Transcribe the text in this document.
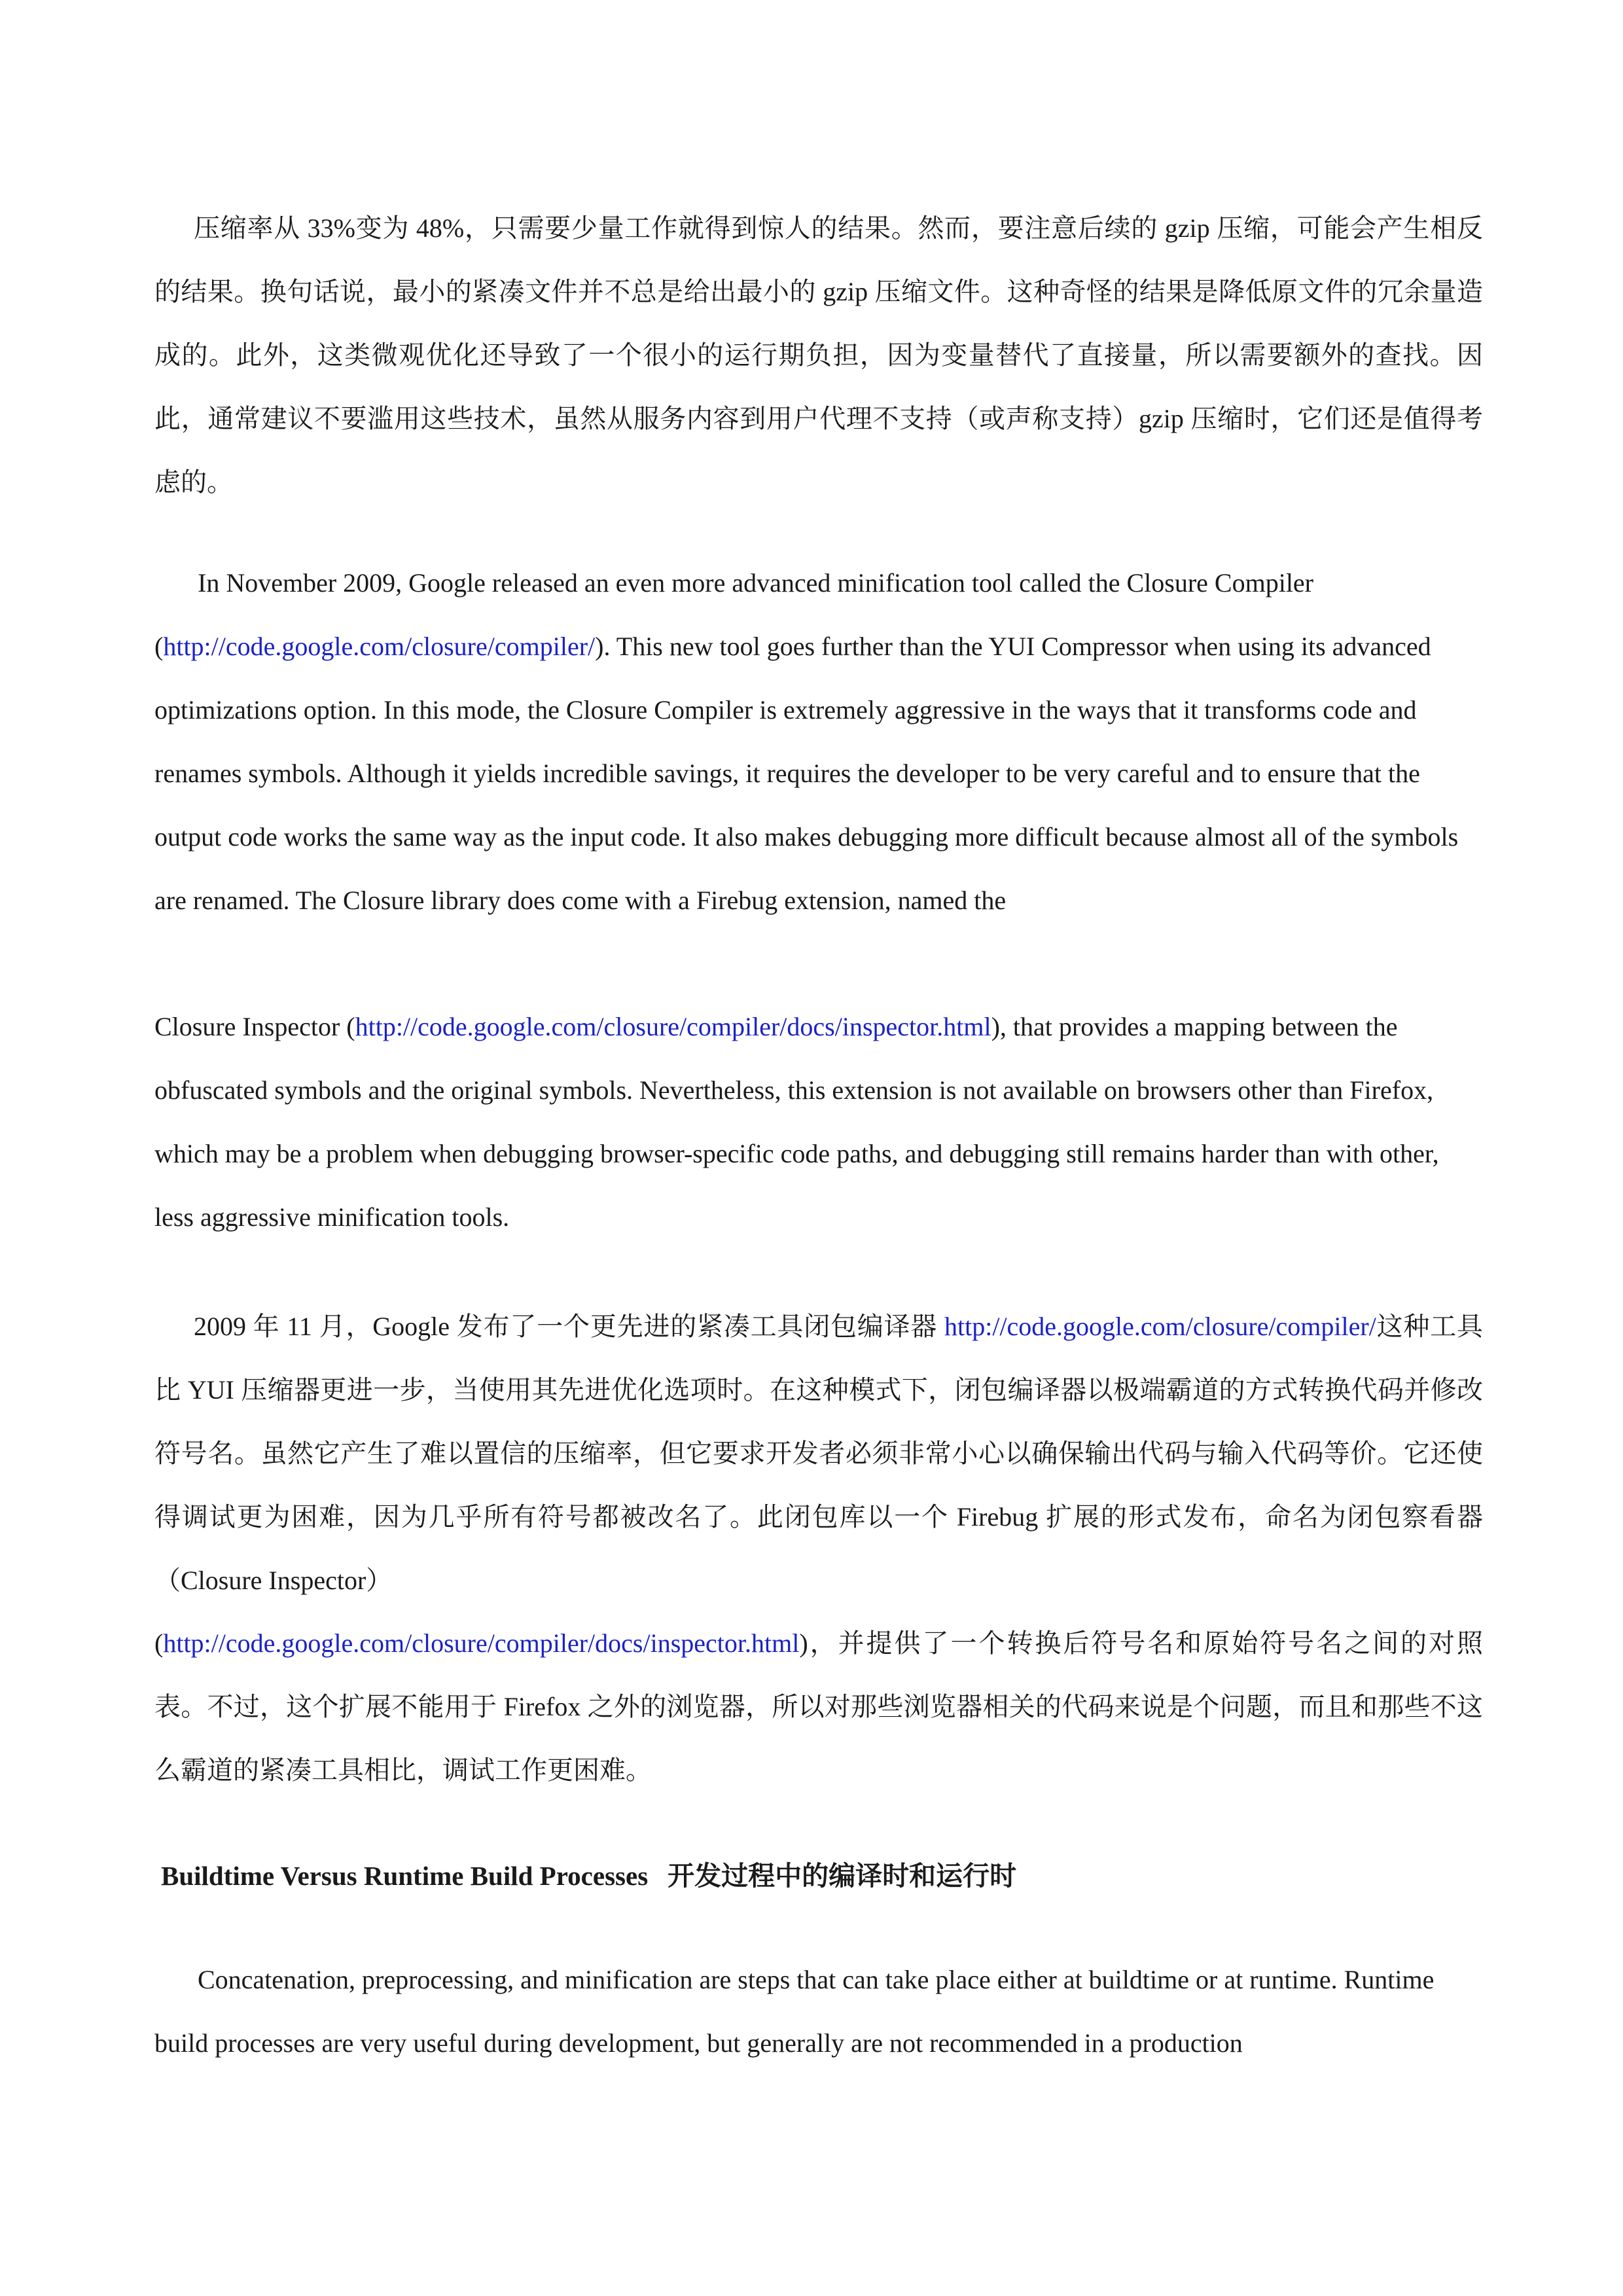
压缩率从 33%变为 48%，只需要少量工作就得到惊人的结果。然而，要注意后续的 gzip 压缩，可能会产生相反的结果。换句话说，最小的紧凑文件并不总是给出最小的 gzip 压缩文件。这种奇怪的结果是降低原文件的冗余量造成的。此外，这类微观优化还导致了一个很小的运行期负担，因为变量替代了直接量，所以需要额外的查找。因此，通常建议不要滥用这些技术，虽然从服务内容到用户代理不支持（或声称支持）gzip 压缩时，它们还是值得考虑的。

In November 2009, Google released an even more advanced minification tool called the Closure Compiler (http://code.google.com/closure/compiler/). This new tool goes further than the YUI Compressor when using its advanced optimizations option. In this mode, the Closure Compiler is extremely aggressive in the ways that it transforms code and renames symbols. Although it yields incredible savings, it requires the developer to be very careful and to ensure that the output code works the same way as the input code. It also makes debugging more difficult because almost all of the symbols are renamed. The Closure library does come with a Firebug extension, named the

Closure Inspector (http://code.google.com/closure/compiler/docs/inspector.html), that provides a mapping between the obfuscated symbols and the original symbols. Nevertheless, this extension is not available on browsers other than Firefox, which may be a problem when debugging browser-specific code paths, and debugging still remains harder than with other, less aggressive minification tools.

2009 年 11 月，Google 发布了一个更先进的紧凑工具闭包编译器 http://code.google.com/closure/compiler/这种工具比 YUI 压缩器更进一步，当使用其先进优化选项时。在这种模式下，闭包编译器以极端霸道的方式转换代码并修改符号名。虽然它产生了难以置信的压缩率，但它要求开发者必须非常小心以确保输出代码与输入代码等价。它还使得调试更为困难，因为几乎所有符号都被改名了。此闭包库以一个 Firebug 扩展的形式发布，命名为闭包察看器（Closure Inspector）

(http://code.google.com/closure/compiler/docs/inspector.html)，并提供了一个转换后符号名和原始符号名之间的对照表。不过，这个扩展不能用于 Firefox 之外的浏览器，所以对那些浏览器相关的代码来说是个问题，而且和那些不这么霸道的紧凑工具相比，调试工作更困难。

Buildtime Versus Runtime Build Processes 开发过程中的编译时和运行时

Concatenation, preprocessing, and minification are steps that can take place either at buildtime or at runtime. Runtime build processes are very useful during development, but generally are not recommended in a production
